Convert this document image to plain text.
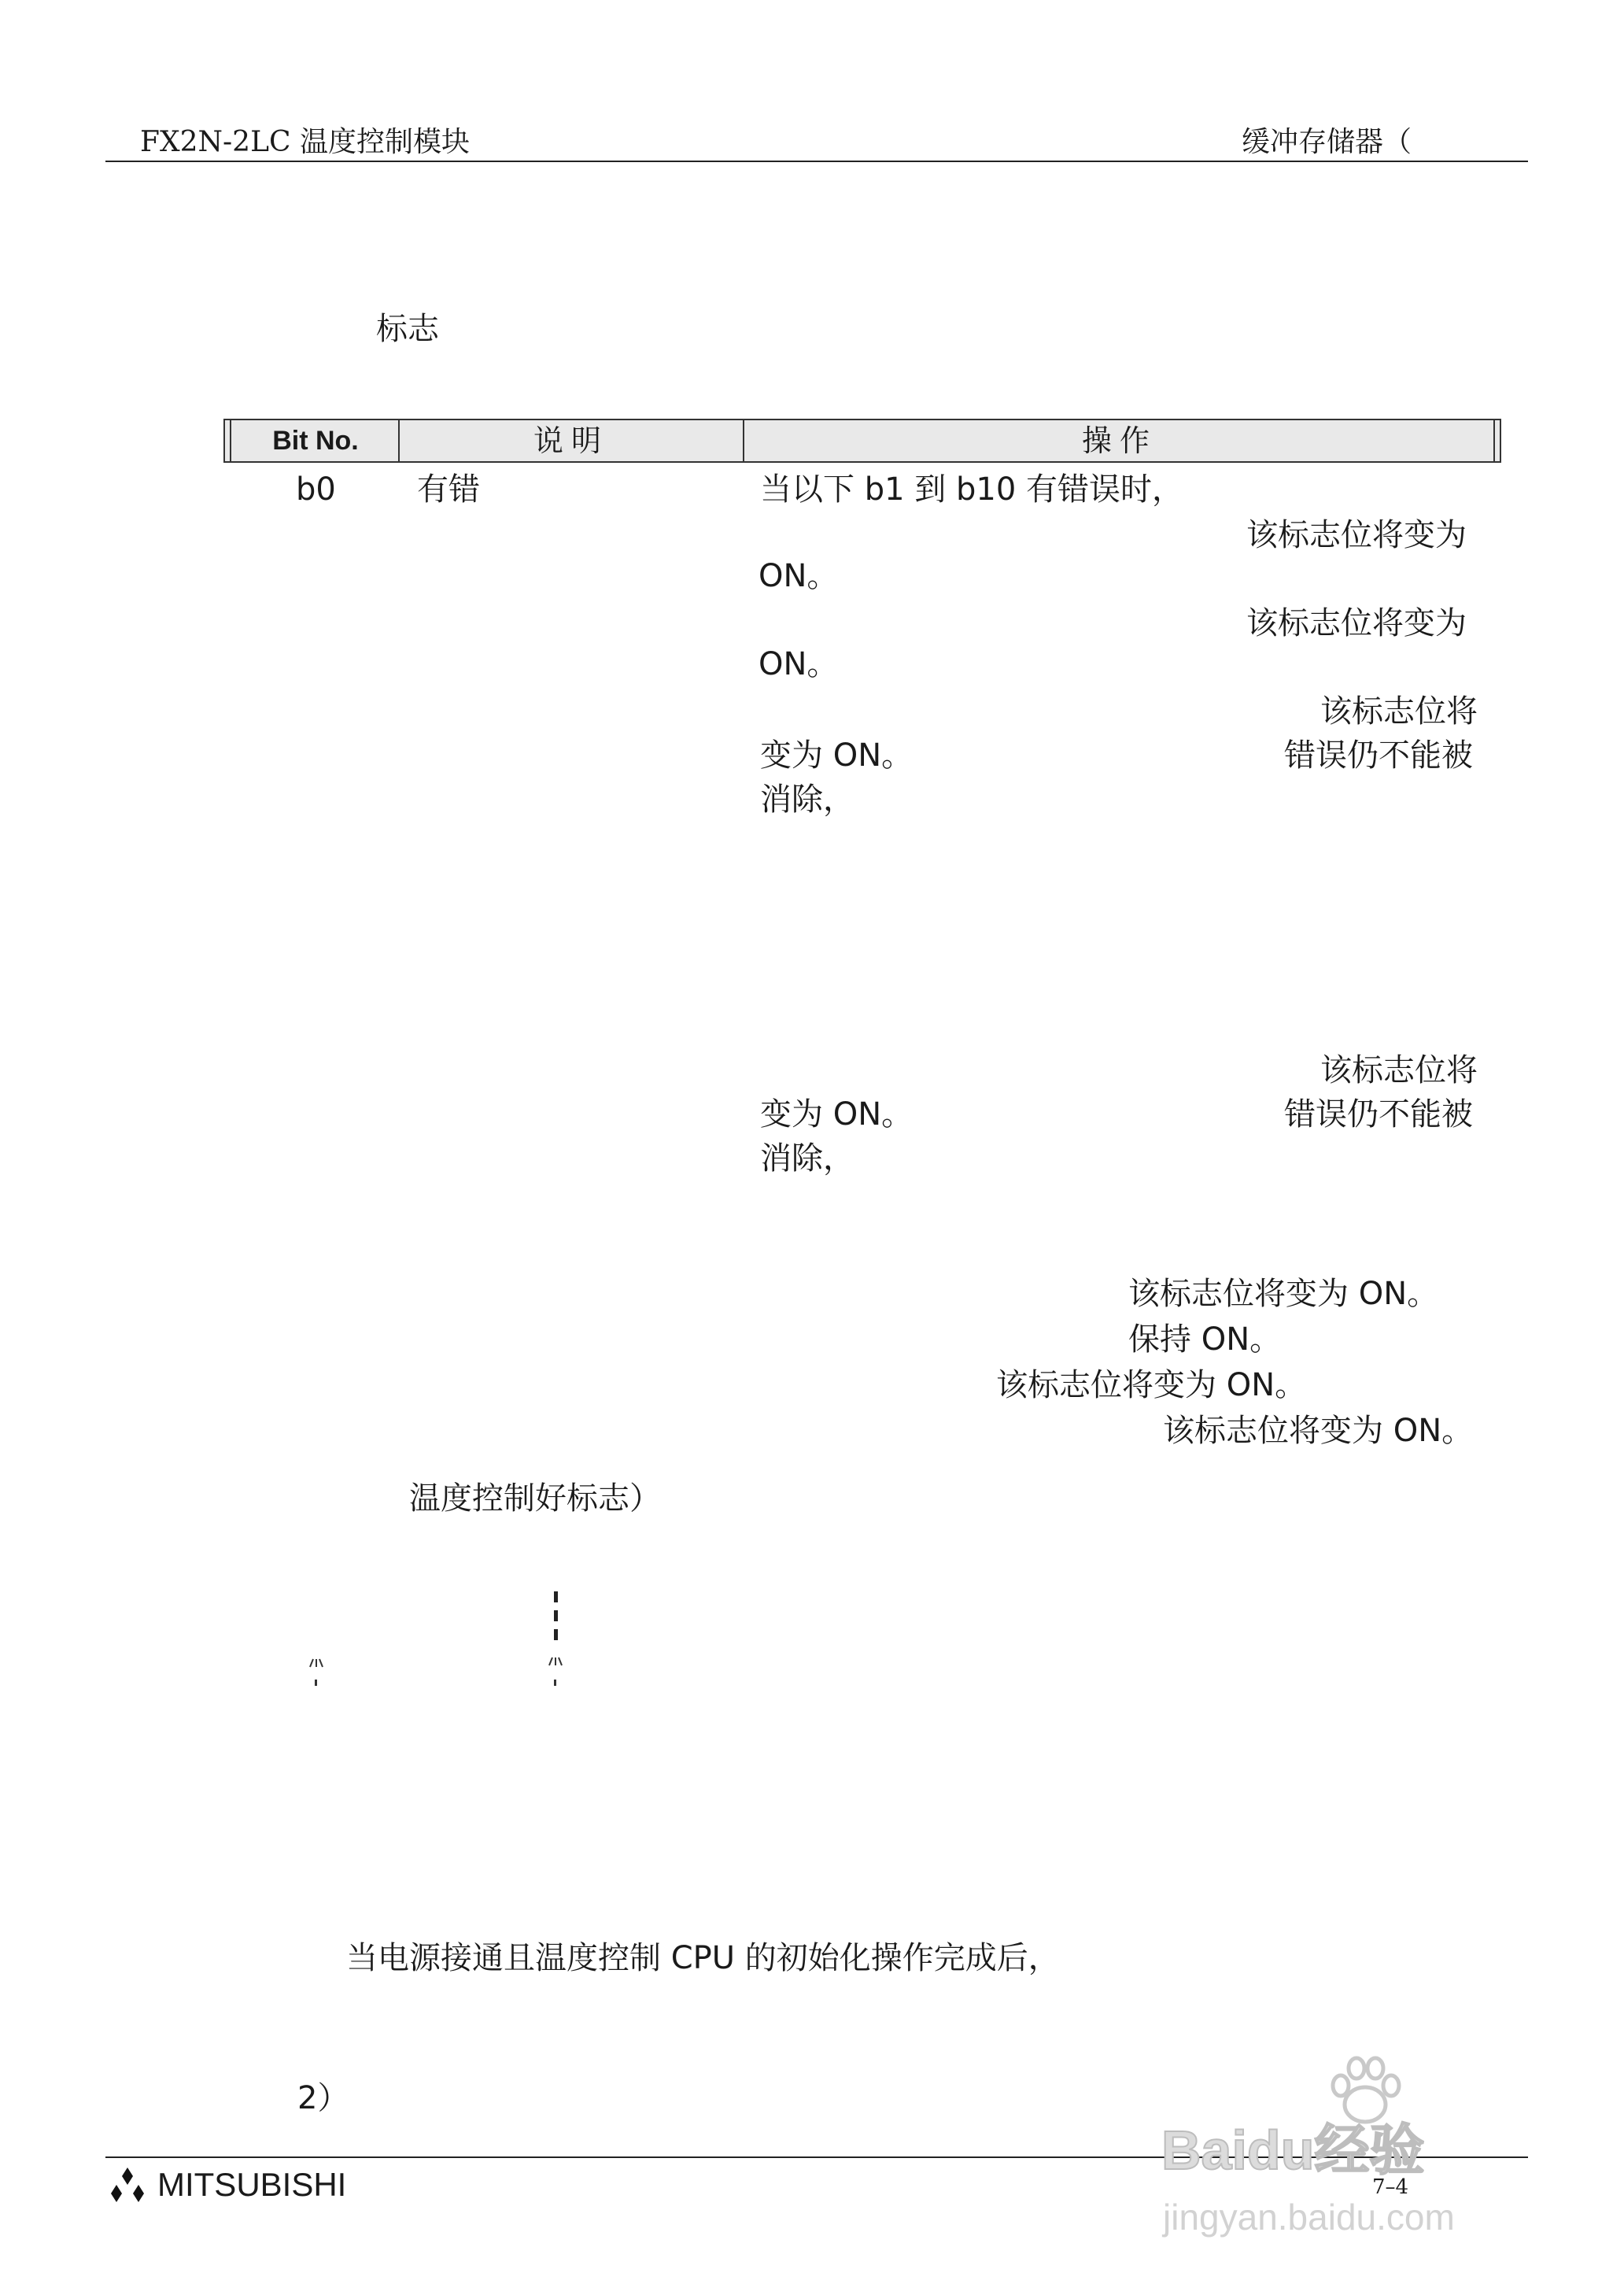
FX2N-2LC 温度控制模块	缓冲存储器（
标志
Bit No.	说明	操作
b0	有错	当以下 b1 到 b10 有错误时，
该标志位将变为
ON。
该标志位将变为
ON。
该标志位将
变为 ON。	错误仍不能被
消除，
该标志位将
变为 ON。	错误仍不能被
消除，
该标志位将变为 ON。
保持 ON。
该标志位将变为 ON。
该标志位将变为 ON。
温度控制好标志）
当电源接通且温度控制 CPU 的初始化操作完成后，
2）
MITSUBISHI	7–4
Baidu经验
jingyan.baidu.com
